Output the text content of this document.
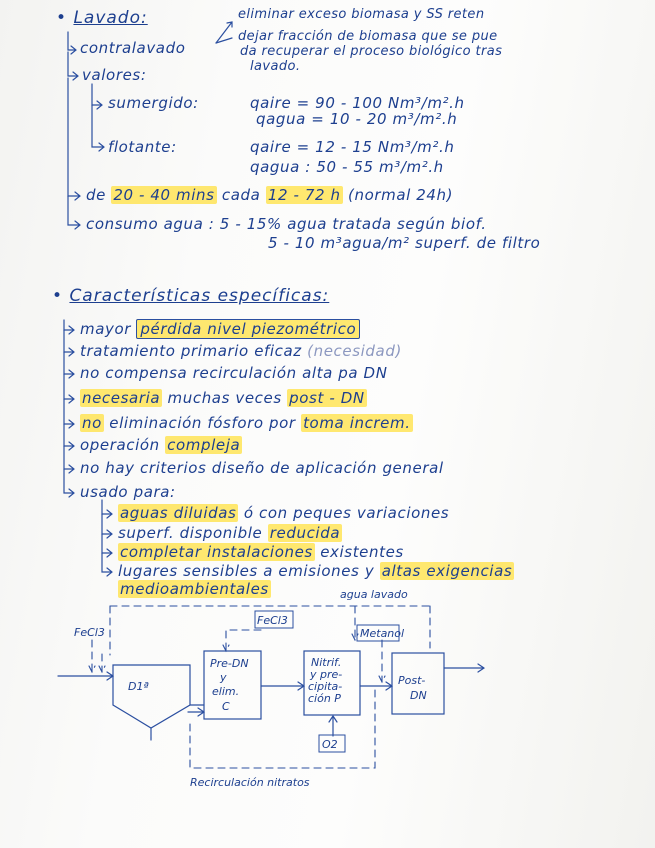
D1ª
Pre-DN
y
elim.
C
Nitrif.
y pre-
cipita-
ción P
Post-
DN
O2
FeCl3
FeCl3
Metanol
agua lavado
Recirculación nitratos
• Lavado:	eliminar exceso biomasa y SS reten
contralavado
dejar fracción de biomasa que se pue
da recuperar el proceso biológico tras
lavado.
valores:
sumergido:	qaire = 90 - 100 Nm³/m².h
qagua = 10 - 20 m³/m².h
flotante:	qaire = 12 - 15 Nm³/m².h
qagua : 50 - 55 m³/m².h
de 20 - 40 mins cada 12 - 72 h (normal 24h)
consumo agua : 5 - 15% agua tratada según biof.
5 - 10 m³agua/m² superf. de filtro
• Características específicas:
mayor pérdida nivel piezométrico
tratamiento primario eficaz (necesidad)
no compensa recirculación alta pa DN
necesaria muchas veces post - DN
no eliminación fósforo por toma increm.
operación compleja
no hay criterios diseño de aplicación general
usado para:
aguas diluidas ó con peques variaciones
superf. disponible reducida
completar instalaciones existentes
lugares sensibles a emisiones y altas exigencias
medioambientales
